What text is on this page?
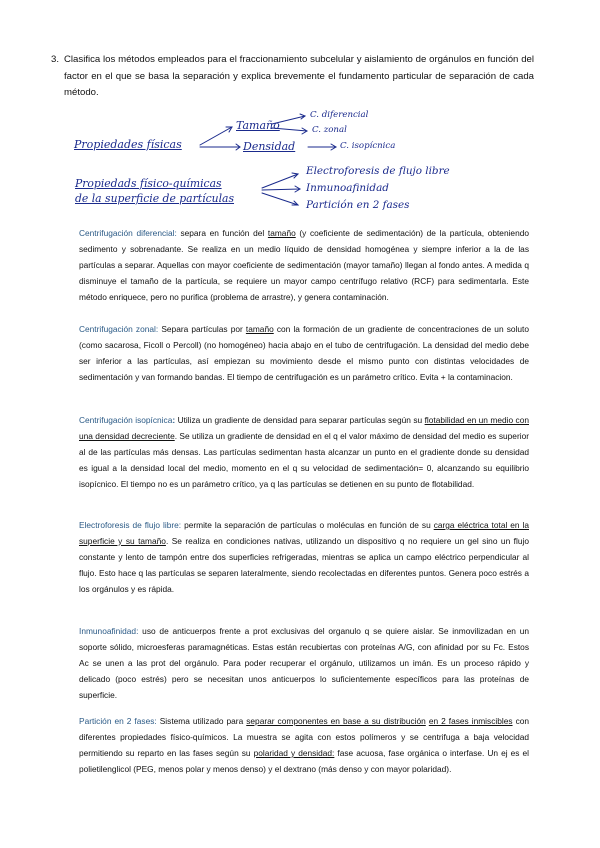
3. Clasifica los métodos empleados para el fraccionamiento subcelular y aislamiento de orgánulos en función del factor en el que se basa la separación y explica brevemente el fundamento particular de separación de cada método.
Propiedades físicas
Tamaño
Densidad
C. diferencial
C. zonal
C. isopícnica
Propiedads físico-químicas
de la superficie de partículas
Electroforesis de flujo libre
Inmunoafinidad
Partición en 2 fases
Centrifugación diferencial: separa en función del tamaño (y coeficiente de sedimentación) de la partícula, obteniendo sedimento y sobrenadante. Se realiza en un medio líquido de densidad homogénea y siempre inferior a la de las partículas a separar. Aquellas con mayor coeficiente de sedimentación (mayor tamaño) llegan al fondo antes. A medida q disminuye el tamaño de la partícula, se requiere un mayor campo centrífugo relativo (RCF) para sedimentarla. Este método enriquece, pero no purifica (problema de arrastre), y genera contaminación.
Centrifugación zonal: Separa partículas por tamaño con la formación de un gradiente de concentraciones de un soluto (como sacarosa, Ficoll o Percoll) (no homogéneo) hacia abajo en el tubo de centrifugación. La densidad del medio debe ser inferior a las partículas, así empiezan su movimiento desde el mismo punto con distintas velocidades de sedimentación y van formando bandas. El tiempo de centrifugación es un parámetro crítico. Evita + la contaminacion.
Centrifugación isopícnica: Utiliza un gradiente de densidad para separar partículas según su flotabilidad en un medio con una densidad decreciente. Se utiliza un gradiente de densidad en el q el valor máximo de densidad del medio es superior al de las partículas más densas. Las partículas sedimentan hasta alcanzar un punto en el gradiente donde su densidad es igual a la densidad local del medio, momento en el q su velocidad de sedimentación= 0, alcanzando su equilibrio isopícnico. El tiempo no es un parámetro crítico, ya q las partículas se detienen en su punto de flotabilidad.
Electroforesis de flujo libre: permite la separación de partículas o moléculas en función de su carga eléctrica total en la superficie y su tamaño. Se realiza en condiciones nativas, utilizando un dispositivo q no requiere un gel sino un flujo constante y lento de tampón entre dos superficies refrigeradas, mientras se aplica un campo eléctrico perpendicular al flujo. Esto hace q las partículas se separen lateralmente, siendo recolectadas en diferentes puntos. Genera poco estrés a los orgánulos y es rápida.
Inmunoafinidad: uso de anticuerpos frente a prot exclusivas del organulo q se quiere aislar. Se inmovilizadan en un soporte sólido, microesferas paramagnéticas. Estas están recubiertas con proteínas A/G, con afinidad por su Fc. Estos Ac se unen a las prot del orgánulo. Para poder recuperar el orgánulo, utilizamos un imán. Es un proceso rápido y delicado (poco estrés) pero se necesitan unos anticuerpos lo suficientemente específicos para las proteínas de superficie.
Partición en 2 fases: Sistema utilizado para separar componentes en base a su distribución en 2 fases inmiscibles con diferentes propiedades físico-químicos. La muestra se agita con estos polímeros y se centrifuga a baja velocidad permitiendo su reparto en las fases según su polaridad y densidad: fase acuosa, fase orgánica o interfase. Un ej es el polietilenglicol (PEG, menos polar y menos denso) y el dextrano (más denso y con mayor polaridad).
